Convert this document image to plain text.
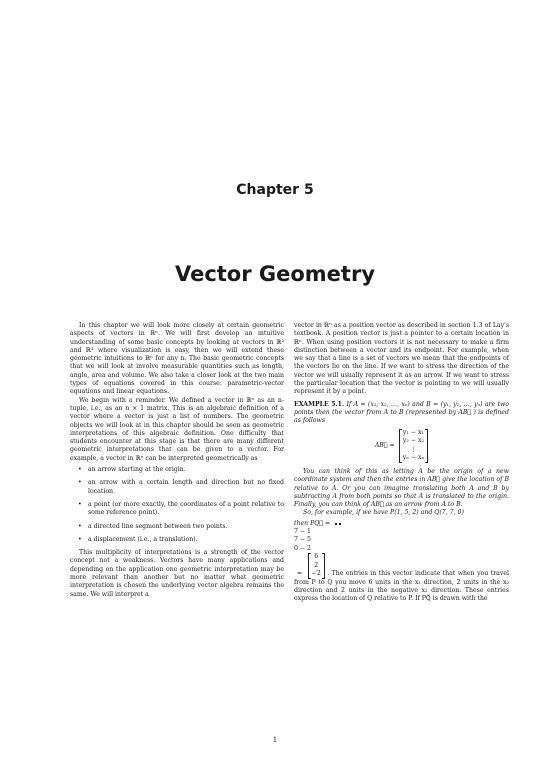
Chapter 5
Vector Geometry

In this chapter we will look more closely at certain geometric aspects of vectors in ℝⁿ. We will first develop an intuitive understanding of some basic concepts by looking at vectors in ℝ² and ℝ³ where visualization is easy, then we will extend these geometric intuitions to ℝⁿ for any n. The basic geometric concepts that we will look at involve measurable quantities such as length, angle, area and volume. We also take a closer look at the two main types of equations covered in this course: parametric-vector equations and linear equations.

We begin with a reminder. We defined a vector in ℝⁿ as an n-tuple, i.e., as an n × 1 matrix. This is an algebraic definition of a vector where a vector is just a list of numbers. The geometric objects we will look at in this chapter should be seen as geometric interpretations of this algebraic definition. One difficulty that students encounter at this stage is that there are many different geometric interpretations that can be given to a vector. For example, a vector in ℝⁿ can be interpreted geometrically as

• an arrow starting at the origin.
• an arrow with a certain length and direction but no fixed location.
• a point (or more exactly, the coordinates of a point relative to some reference point).
• a directed line segment between two points.
• a displacement (i.e., a translation).

This multiplicity of interpretations is a strength of the vector concept not a weakness. Vectors have many applications and depending on the application one geometric interpretation may be more relevant than another but no matter what geometric interpretation is chosen the underlying vector algebra remains the same. We will interpret a

vector in ℝⁿ as a position vector as described in section 1.3 of Lay's textbook. A position vector is just a pointer to a certain location in ℝⁿ. When using position vectors it is not necessary to make a firm distinction between a vector and its endpoint. For example, when we say that a line is a set of vectors we mean that the endpoints of the vectors lie on the line. If we want to stress the direction of the vector we will usually represent it as an arrow. If we want to stress the particular location that the vector is pointing to we will usually represent it by a point.

EXAMPLE 5.1. If A = (x₁, x₂, …, xₙ) and B = (y₁, y₂, …, yₙ) are two points then the vector from A to B (represented by AB⃗ ) is defined as follows

AB⃗ =
y₁ − x₁
y₂ − x₂
⋮
yₙ − xₙ

You can think of this as letting A be the origin of a new coordinate system and then the entries in AB⃗ give the location of B relative to A. Or you can imagine translating both A and B by subtracting A from both points so that A is translated to the origin. Finally, you can think of AB⃗ as an arrow from A to B.

So, for example, if we have P(1, 5, 2) and Q(7, 7, 0)

then PQ⃗ =

7 − 1
7 − 5
0 − 2
=
6
2
−2 . The entries in this vector indicate that when you travel from P to Q you move 6 units in the x₁ direction, 2 units in the x₂ direction and 2 units in the negative x₃ direction. These entries express the location of Q relative to P. If PQ⃗ is drawn with the

1
